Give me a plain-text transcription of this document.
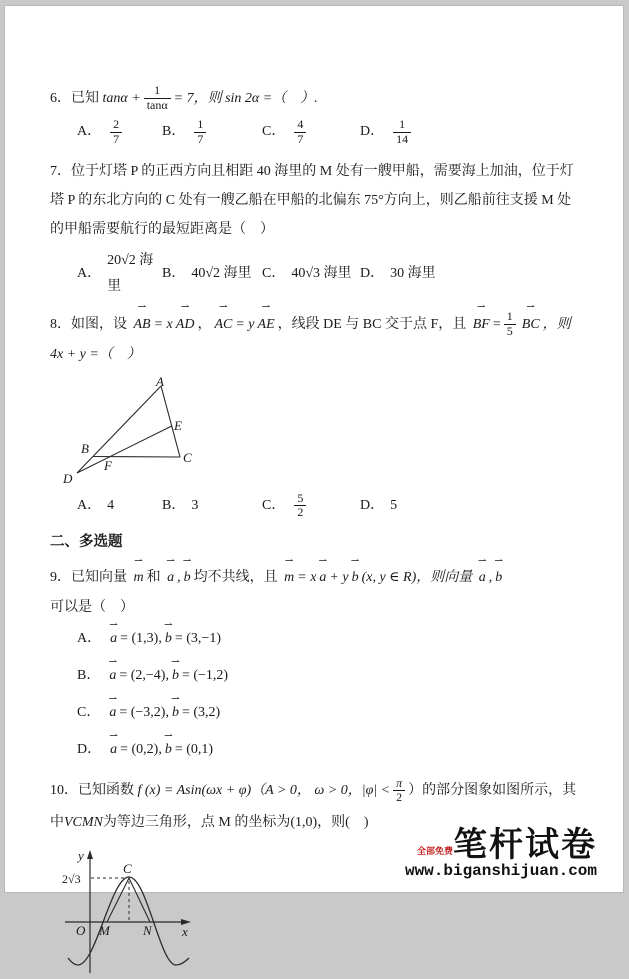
6．已知 $\tan\alpha + \frac{1}{\tan\alpha} = 7$，则 sin 2α =（　）.
A． $\frac{2}{7}$	B． $\frac{1}{7}$	C． $\frac{4}{7}$	D． $\frac{1}{14}$
7．位于灯塔 P 的正西方向且相距 40 海里的 M 处有一艘甲船，需要海上加油，位于灯塔 P 的东北方向的 C 处有一艘乙船在甲船的北偏东 75°方向上，则乙船前往支援 M 处的甲船需要航行的最短距离是（　）
A．
20√2 海里
B． 40√2 海里 C． 40√3 海里 D． 30 海里
8．如图，设 AB ⇀ = x AD ⇀ ， AC ⇀ = y AE ⇀ ，线段 DE 与 BC 交于点 F，且 BF ⇀ = $\frac{1}{5}$ BC ⇀ ，则 4x + y =（　）
A
E
B
C
F
D
A． 4	B． 3	C． $\frac{5}{2}$	D． 5
二、多选题
9．已知向量 m ⇀ 和 a ⇀ , b ⇀ 均不共线，且 m ⇀ = x a ⇀ + y b ⇀ (x, y ∈ R)，则向量 a ⇀ , b ⇀可以是（　）
A． a ⇀ = (1,3), b ⇀ = (3,−1)
B． a ⇀ = (2,−4), b ⇀ = (−1,2)
C． a ⇀ = (−3,2), b ⇀ = (3,2)
D． a ⇀ = (0,2), b ⇀ = (0,1)
10．已知函数 f (x) = Asin(ωx + φ)（A > 0， ω > 0，$|\varphi| < \frac{\pi}{2}$ ）的部分图象如图所示，其中VCMN为等边三角形，点 M 的坐标为(1,0)，则(　)
y
x
O M	N
C
2√3
全部免费 笔杆试卷
www.biganshijuan.com
